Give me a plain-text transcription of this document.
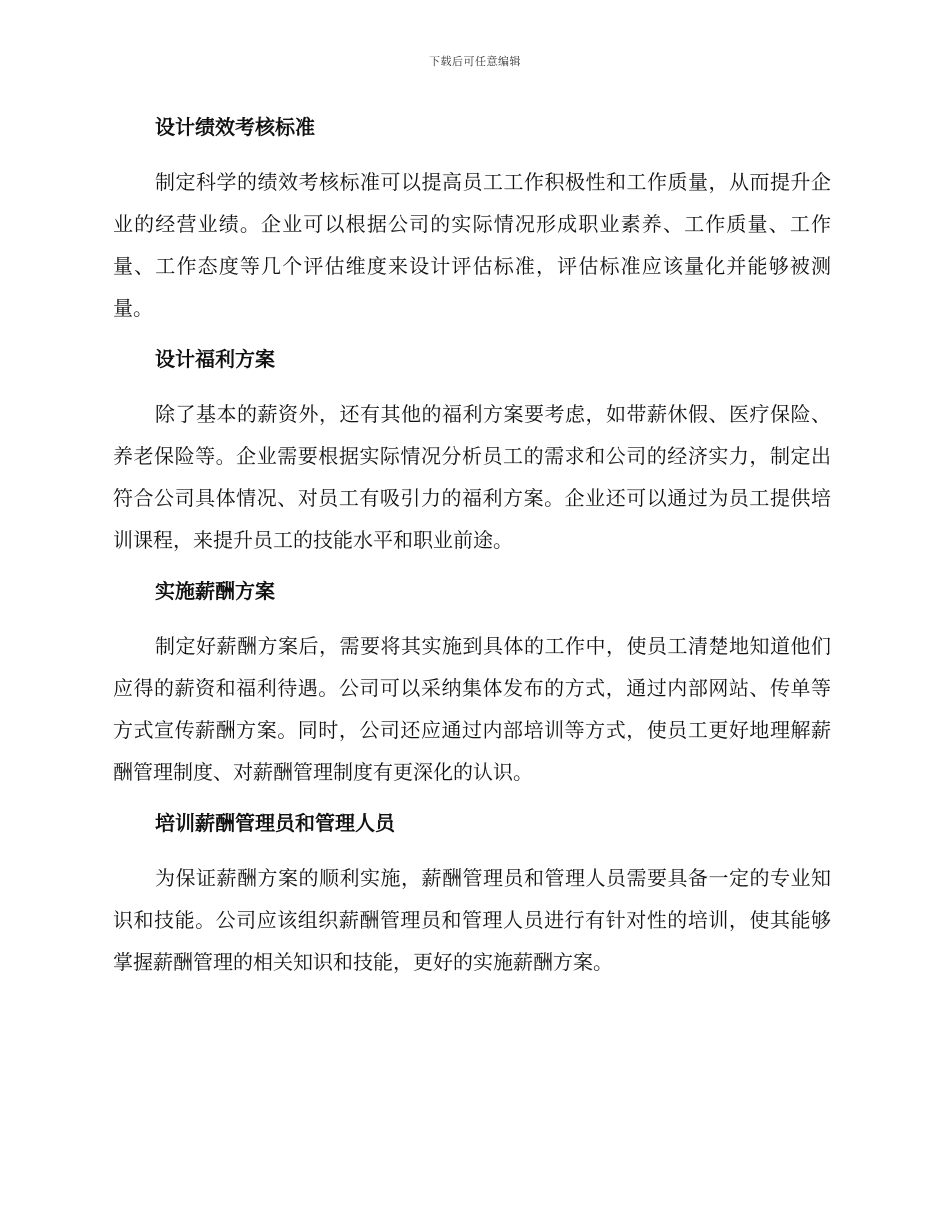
下载后可任意编辑
设计绩效考核标准

制定科学的绩效考核标准可以提高员工工作积极性和工作质量，从而提升企业的经营业绩。企业可以根据公司的实际情况形成职业素养、工作质量、工作量、工作态度等几个评估维度来设计评估标准，评估标准应该量化并能够被测量。

设计福利方案

除了基本的薪资外，还有其他的福利方案要考虑，如带薪休假、医疗保险、养老保险等。企业需要根据实际情况分析员工的需求和公司的经济实力，制定出符合公司具体情况、对员工有吸引力的福利方案。企业还可以通过为员工提供培训课程，来提升员工的技能水平和职业前途。

实施薪酬方案

制定好薪酬方案后，需要将其实施到具体的工作中，使员工清楚地知道他们应得的薪资和福利待遇。公司可以采纳集体发布的方式，通过内部网站、传单等方式宣传薪酬方案。同时，公司还应通过内部培训等方式，使员工更好地理解薪酬管理制度、对薪酬管理制度有更深化的认识。

培训薪酬管理员和管理人员

为保证薪酬方案的顺利实施，薪酬管理员和管理人员需要具备一定的专业知识和技能。公司应该组织薪酬管理员和管理人员进行有针对性的培训，使其能够掌握薪酬管理的相关知识和技能，更好的实施薪酬方案。
